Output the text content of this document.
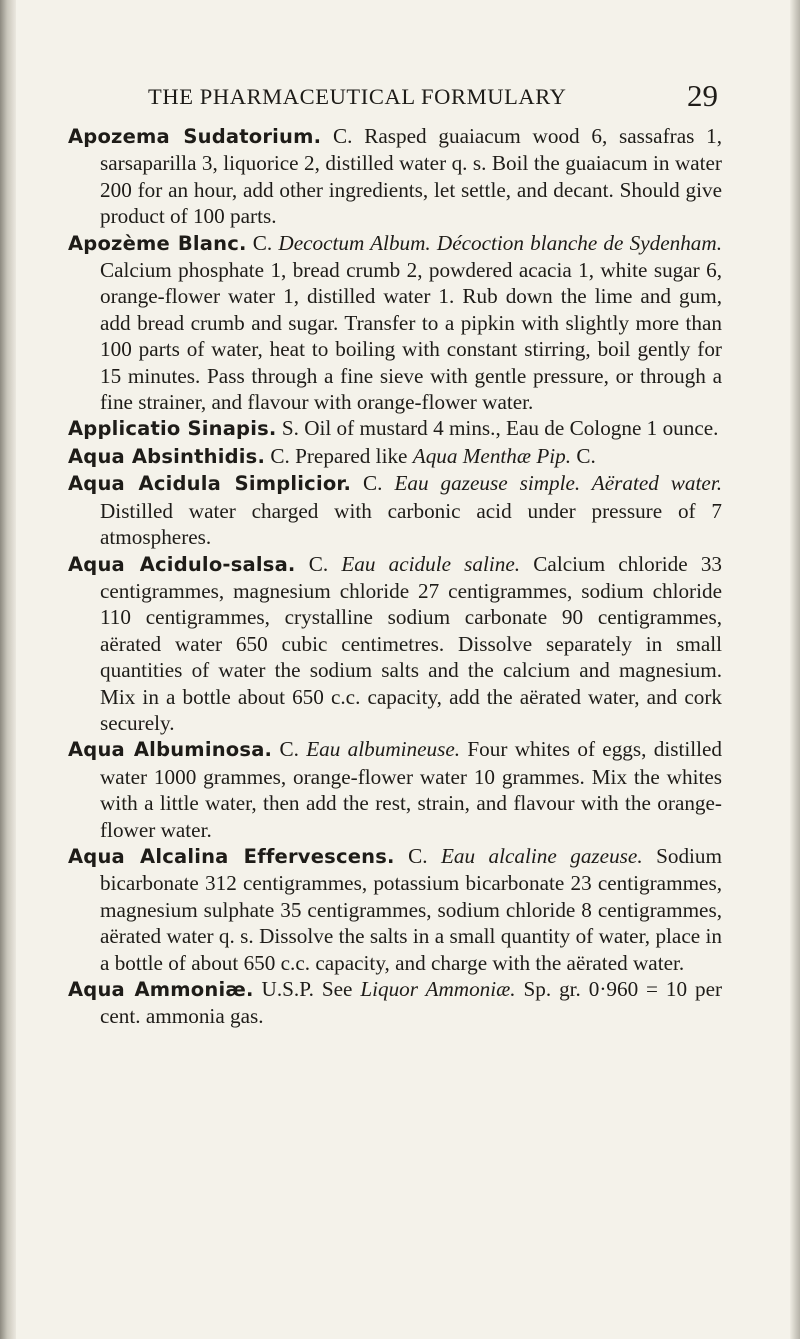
THE PHARMACEUTICAL FORMULARY	29

Apozema Sudatorium. C. Rasped guaiacum wood 6, sassafras 1, sarsaparilla 3, liquorice 2, distilled water q. s. Boil the guaiacum in water 200 for an hour, add other ingredients, let settle, and decant. Should give product of 100 parts.

Apozème Blanc. C. Decoctum Album. Décoction blanche de Sydenham. Calcium phosphate 1, bread crumb 2, powdered acacia 1, white sugar 6, orange-flower water 1, distilled water 1. Rub down the lime and gum, add bread crumb and sugar. Transfer to a pipkin with slightly more than 100 parts of water, heat to boiling with constant stirring, boil gently for 15 minutes. Pass through a fine sieve with gentle pressure, or through a fine strainer, and flavour with orange-flower water.

Applicatio Sinapis. S. Oil of mustard 4 mins., Eau de Cologne 1 ounce.

Aqua Absinthidis. C. Prepared like Aqua Menthæ Pip. C.

Aqua Acidula Simplicior. C. Eau gazeuse simple. Aërated water. Distilled water charged with carbonic acid under pressure of 7 atmospheres.

Aqua Acidulo-salsa. C. Eau acidule saline. Calcium chloride 33 centigrammes, magnesium chloride 27 centigrammes, sodium chloride 110 centigrammes, crystalline sodium carbonate 90 centigrammes, aërated water 650 cubic centimetres. Dissolve separately in small quantities of water the sodium salts and the calcium and magnesium. Mix in a bottle about 650 c.c. capacity, add the aërated water, and cork securely.

Aqua Albuminosa. C. Eau albumineuse. Four whites of eggs, distilled water 1000 grammes, orange-flower water 10 grammes. Mix the whites with a little water, then add the rest, strain, and flavour with the orange-flower water.

Aqua Alcalina Effervescens. C. Eau alcaline gazeuse. Sodium bicarbonate 312 centigrammes, potassium bicarbonate 23 centigrammes, magnesium sulphate 35 centigrammes, sodium chloride 8 centigrammes, aërated water q. s. Dissolve the salts in a small quantity of water, place in a bottle of about 650 c.c. capacity, and charge with the aërated water.

Aqua Ammoniæ. U.S.P. See Liquor Ammoniæ. Sp. gr. 0·960 = 10 per cent. ammonia gas.
